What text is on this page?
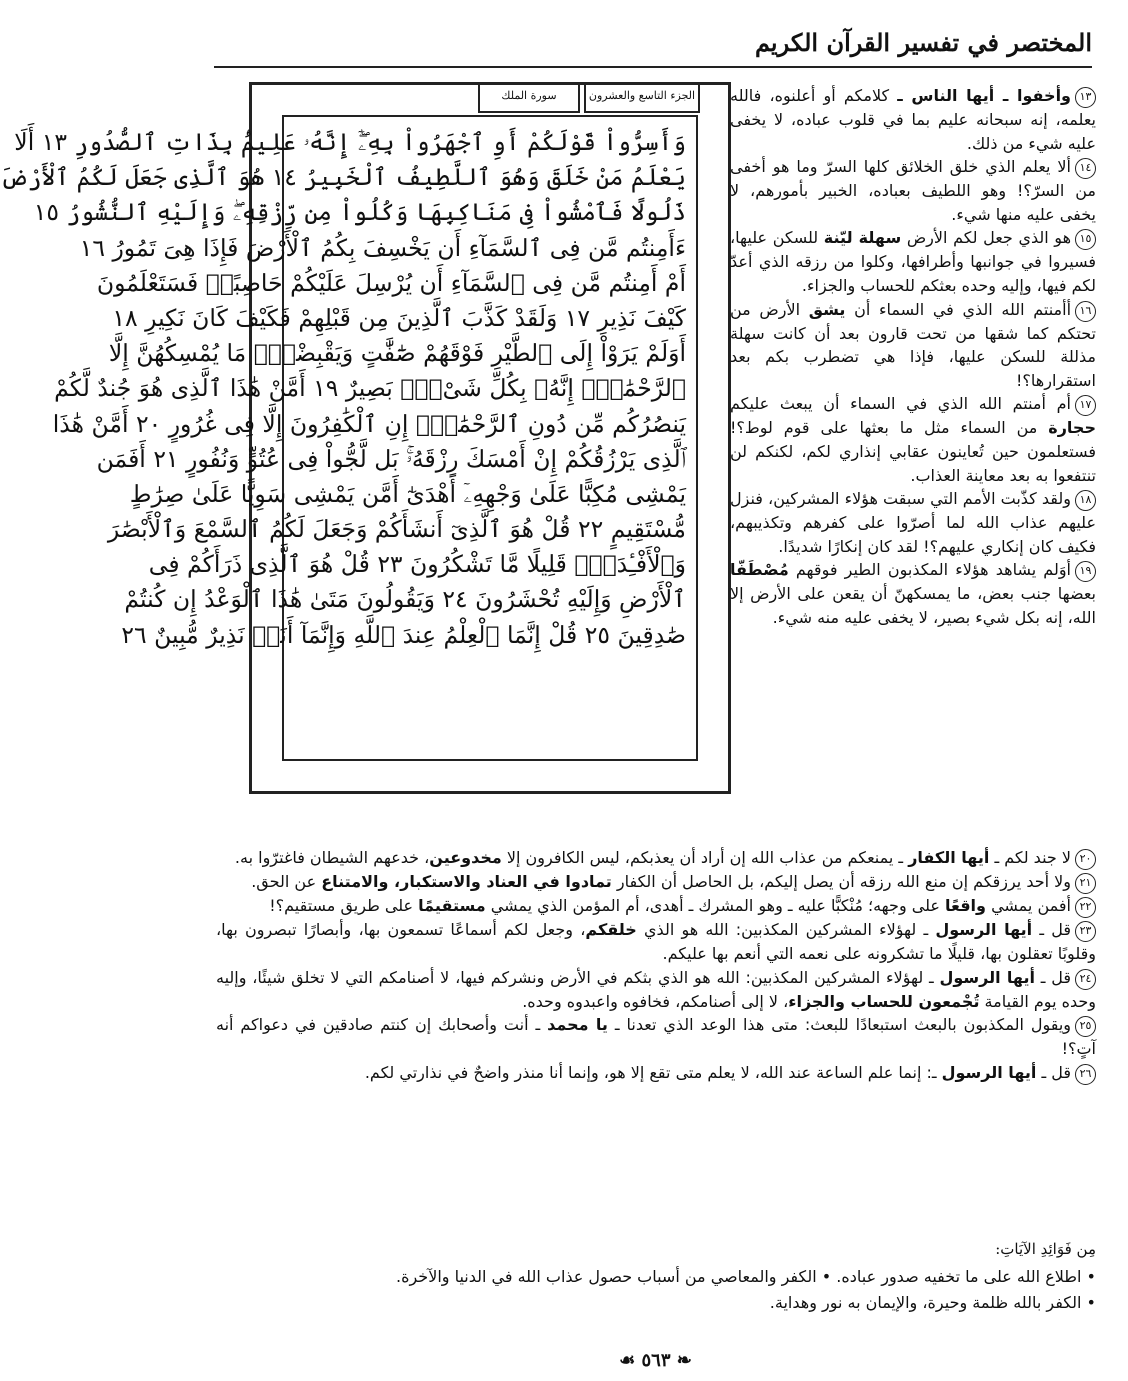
المختصر في تفسير القرآن الكريم
الجزء التاسع والعشرون
سورة الملك
وَأَسِرُّواْ قَوْلَكُمْ أَوِ ٱجْهَرُواْ بِهِۦٓۖ إِنَّهُۥ عَلِيمُۢ بِذَاتِ ٱلصُّدُورِ ١٣ أَلَا
يَعْلَمُ مَنْ خَلَقَ وَهُوَ ٱللَّطِيفُ ٱلْخَبِيرُ ١٤ هُوَ ٱلَّذِى جَعَلَ لَكُمُ ٱلْأَرْضَ
ذَلُولًا فَٱمْشُواْ فِى مَنَاكِبِهَا وَكُلُواْ مِن رِّزْقِهِۦۖ وَإِلَيْهِ ٱلنُّشُورُ ١٥
ءَأَمِنتُم مَّن فِى ٱلسَّمَآءِ أَن يَخْسِفَ بِكُمُ ٱلْأَرْضَ فَإِذَا هِىَ تَمُورُ ١٦
أَمْ أَمِنتُم مَّن فِى ٱلسَّمَآءِ أَن يُرْسِلَ عَلَيْكُمْ حَاصِبًاۖ فَسَتَعْلَمُونَ
كَيْفَ نَذِيرِ ١٧ وَلَقَدْ كَذَّبَ ٱلَّذِينَ مِن قَبْلِهِمْ فَكَيْفَ كَانَ نَكِيرِ ١٨
أَوَلَمْ يَرَوْاْ إِلَى ٱلطَّيْرِ فَوْقَهُمْ صَٰٓفَّٰتٍ وَيَقْبِضْنَۚ مَا يُمْسِكُهُنَّ إِلَّا
ٱلرَّحْمَٰنُۚ إِنَّهُۥ بِكُلِّ شَىْءٍۭ بَصِيرٌ ١٩ أَمَّنْ هَٰذَا ٱلَّذِى هُوَ جُندٌ لَّكُمْ
يَنصُرُكُم مِّن دُونِ ٱلرَّحْمَٰنِۚ إِنِ ٱلْكَٰفِرُونَ إِلَّا فِى غُرُورٍ ٢٠ أَمَّنْ هَٰذَا
ٱلَّذِى يَرْزُقُكُمْ إِنْ أَمْسَكَ رِزْقَهُۥۚ بَل لَّجُّواْ فِى عُتُوٍّ وَنُفُورٍ ٢١ أَفَمَن
يَمْشِى مُكِبًّا عَلَىٰ وَجْهِهِۦٓ أَهْدَىٰٓ أَمَّن يَمْشِى سَوِيًّا عَلَىٰ صِرَٰطٍ
مُّسْتَقِيمٍ ٢٢ قُلْ هُوَ ٱلَّذِىٓ أَنشَأَكُمْ وَجَعَلَ لَكُمُ ٱلسَّمْعَ وَٱلْأَبْصَٰرَ
وَٱلْأَفْـِٔدَةَۖ قَلِيلًا مَّا تَشْكُرُونَ ٢٣ قُلْ هُوَ ٱلَّذِى ذَرَأَكُمْ فِى
ٱلْأَرْضِ وَإِلَيْهِ تُحْشَرُونَ ٢٤ وَيَقُولُونَ مَتَىٰ هَٰذَا ٱلْوَعْدُ إِن كُنتُمْ
صَٰدِقِينَ ٢٥ قُلْ إِنَّمَا ٱلْعِلْمُ عِندَ ٱللَّهِ وَإِنَّمَآ أَنَا۠ نَذِيرٌ مُّبِينٌ ٢٦

١٣وأخفوا ـ أيها الناس ـ كلامكم أو أعلنوه، فالله يعلمه، إنه سبحانه عليم بما في قلوب عباده، لا يخفى عليه شيء من ذلك.

١٤ألا يعلم الذي خلق الخلائق كلها السرّ وما هو أخفى من السرّ؟! وهو اللطيف بعباده، الخبير بأمورهم، لا يخفى عليه منها شيء.

١٥هو الذي جعل لكم الأرض سهلة ليّنة للسكن عليها، فسيروا في جوانبها وأطرافها، وكلوا من رزقه الذي أعدّ لكم فيها، وإليه وحده بعثكم للحساب والجزاء.

١٦أأمنتم الله الذي في السماء أن يشق الأرض من تحتكم كما شقها من تحت قارون بعد أن كانت سهلة مذللة للسكن عليها، فإذا هي تضطرب بكم بعد استقرارها؟!

١٧أم أمنتم الله الذي في السماء أن يبعث عليكم حجارة من السماء مثل ما بعثها على قوم لوط؟! فستعلمون حين تُعاينون عقابي إنذاري لكم، لكنكم لن تنتفعوا به بعد معاينة العذاب.

١٨ولقد كذّبت الأمم التي سبقت هؤلاء المشركين، فنزل عليهم عذاب الله لما أصرّوا على كفرهم وتكذيبهم، فكيف كان إنكاري عليهم؟! لقد كان إنكارًا شديدًا.

١٩أوَلم يشاهد هؤلاء المكذبون الطير فوقهم مُصْطَفّا بعضها جنب بعض، ما يمسكهنّ أن يقعن على الأرض إلا الله، إنه بكل شيء بصير، لا يخفى عليه منه شيء.

٢٠لا جند لكم ـ أيها الكفار ـ يمنعكم من عذاب الله إن أراد أن يعذبكم، ليس الكافرون إلا مخدوعين، خدعهم الشيطان فاغترّوا به.

٢١ولا أحد يرزقكم إن منع الله رزقه أن يصل إليكم، بل الحاصل أن الكفار تمادوا في العناد والاستكبار، والامتناع عن الحق.

٢٢أفمن يمشي واقعًا على وجهه؛ مُنْكبًّا عليه ـ وهو المشرك ـ أهدى، أم المؤمن الذي يمشي مستقيمًا على طريق مستقيم؟!

٢٣قل ـ أيها الرسول ـ لهؤلاء المشركين المكذبين: الله هو الذي خلقكم، وجعل لكم أسماعًا تسمعون بها، وأبصارًا تبصرون بها، وقلوبًا تعقلون بها، قليلًا ما تشكرونه على نعمه التي أنعم بها عليكم.

٢٤قل ـ أيها الرسول ـ لهؤلاء المشركين المكذبين: الله هو الذي بثكم في الأرض ونشركم فيها، لا أصنامكم التي لا تخلق شيئًا، وإليه وحده يوم القيامة تُجْمعون للحساب والجزاء، لا إلى أصنامكم، فخافوه واعبدوه وحده.

٢٥ويقول المكذبون بالبعث استبعادًا للبعث: متى هذا الوعد الذي تعدنا ـ يا محمد ـ أنت وأصحابك إن كنتم صادقين في دعواكم أنه آتٍ؟!

٢٦قل ـ أيها الرسول ـ: إنما علم الساعة عند الله، لا يعلم متى تقع إلا هو، وإنما أنا منذر واضحٌ في نذارتي لكم.

مِن فَوَائِدِ الآيَاتِ:

• اطلاع الله على ما تخفيه صدور عباده. • الكفر والمعاصي من أسباب حصول عذاب الله في الدنيا والآخرة.

• الكفر بالله ظلمة وحيرة، والإيمان به نور وهداية.

❧ ٥٦٣ ☙
